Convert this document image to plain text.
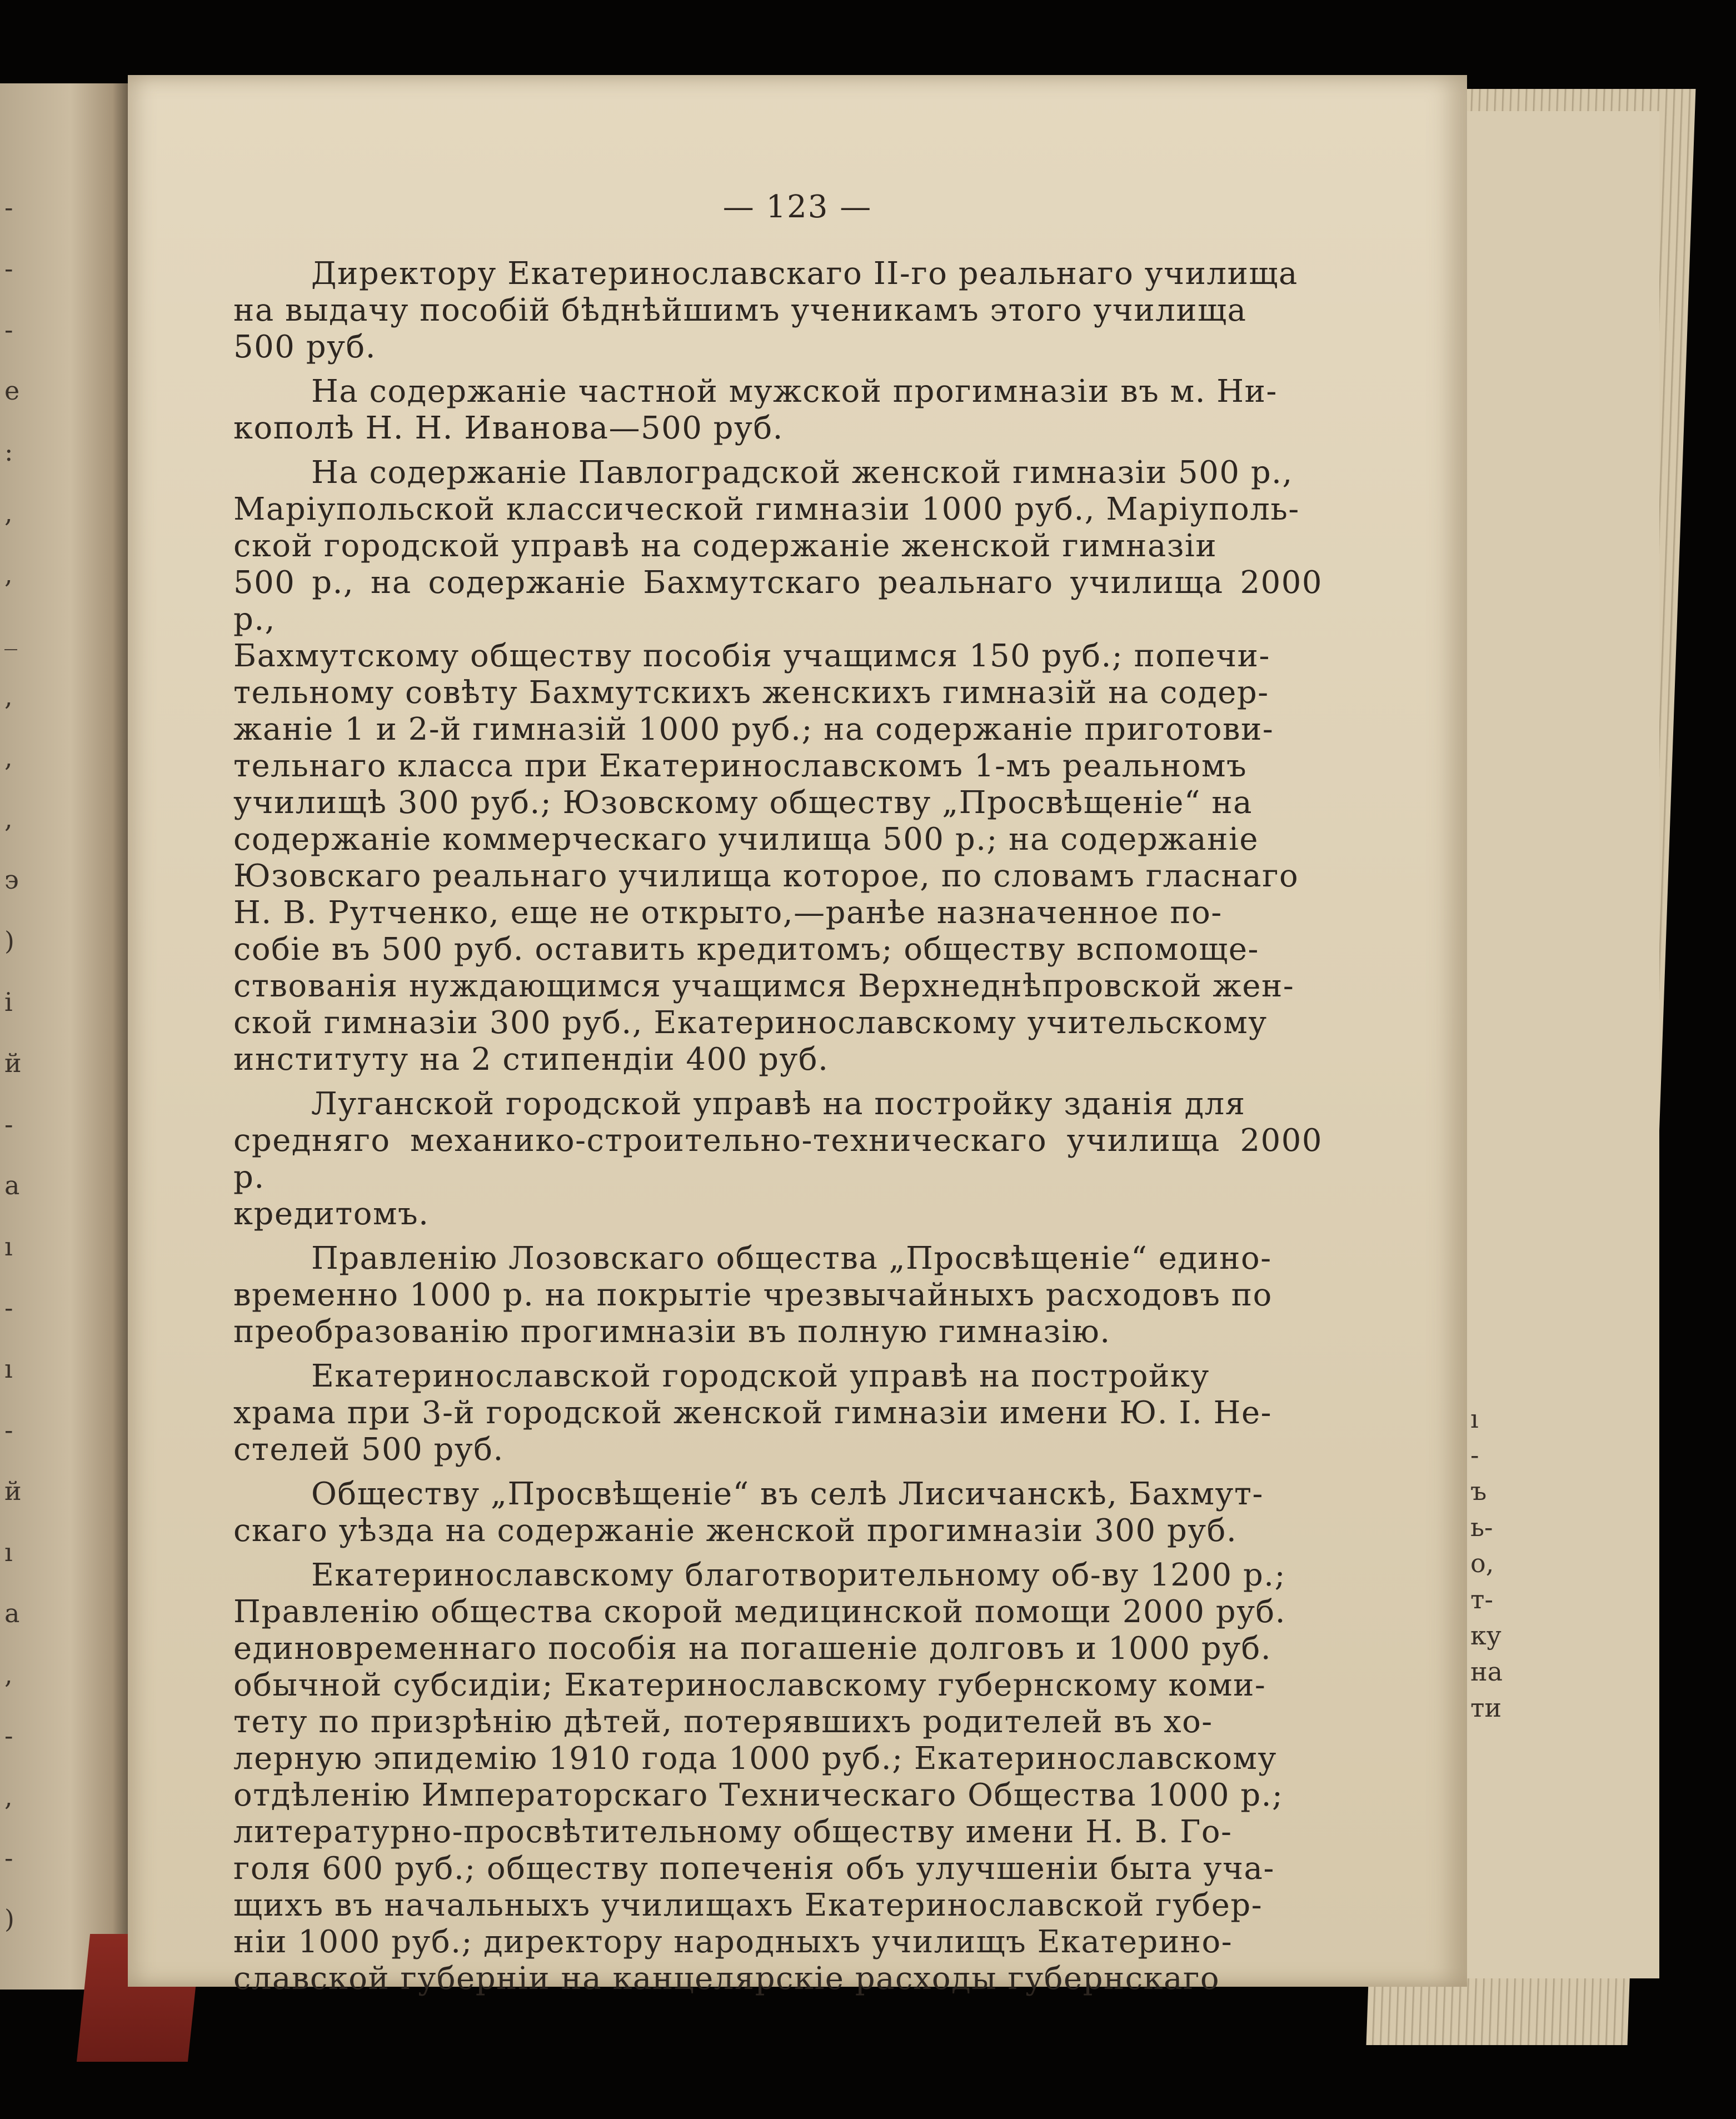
-
-
-
e
:
,
,
_
,
,
,
э
)
i
й
-
a
ı
-
ı
-
й
ı
a
,
-
,
-
)
ı
-
ъ
ь-
о,
т-
ку
на
ти
— 123 —

Директору Екатеринославскаго II-го реальнаго училища
на выдачу пособій бѣднѣйшимъ ученикамъ этого училища
500 руб.

На содержаніе частной мужской прогимназіи въ м. Ни-
кополѣ Н. Н. Иванова—500 руб.

На содержаніе Павлоградской женской гимназіи 500 р.,
Маріупольской классической гимназіи 1000 руб., Маріуполь-
ской городской управѣ на содержаніе женской гимназіи
500 р., на содержаніе Бахмутскаго реальнаго училища 2000 р.,
Бахмутскому обществу пособія учащимся 150 руб.; попечи-
тельному совѣту Бахмутскихъ женскихъ гимназій на содер-
жаніе 1 и 2-й гимназій 1000 руб.; на содержаніе приготови-
тельнаго класса при Екатеринославскомъ 1-мъ реальномъ
училищѣ 300 руб.; Юзовскому обществу „Просвѣщеніе“ на
содержаніе коммерческаго училища 500 р.; на содержаніе
Юзовскаго реальнаго училища которое, по словамъ гласнаго
Н. В. Рутченко, еще не открыто,—ранѣе назначенное по-
собіе въ 500 руб. оставить кредитомъ; обществу вспомоще-
ствованія нуждающимся учащимся Верхнеднѣпровской жен-
ской гимназіи 300 руб., Екатеринославскому учительскому
институту на 2 стипендіи 400 руб.

Луганской городской управѣ на постройку зданія для
средняго механико-строительно-техническаго училища 2000 р.
кредитомъ.

Правленію Лозовскаго общества „Просвѣщеніе“ едино-
временно 1000 р. на покрытіе чрезвычайныхъ расходовъ по
преобразованію прогимназіи въ полную гимназію.

Екатеринославской городской управѣ на постройку
храма при 3-й городской женской гимназіи имени Ю. I. Не-
стелей 500 руб.

Обществу „Просвѣщеніе“ въ селѣ Лисичанскѣ, Бахмут-
скаго уѣзда на содержаніе женской прогимназіи 300 руб.

Екатеринославскому благотворительному об-ву 1200 р.;
Правленію общества скорой медицинской помощи 2000 руб.
единовременнаго пособія на погашеніе долговъ и 1000 руб.
обычной субсидіи; Екатеринославскому губернскому коми-
тету по призрѣнію дѣтей, потерявшихъ родителей въ хо-
лерную эпидемію 1910 года 1000 руб.; Екатеринославскому
отдѣленію Императорскаго Техническаго Общества 1000 р.;
литературно-просвѣтительному обществу имени Н. В. Го-
голя 600 руб.; обществу попеченія объ улучшеніи быта уча-
щихъ въ начальныхъ училищахъ Екатеринославской губер-
ніи 1000 руб.; директору народныхъ училищъ Екатерино-
славской губерніи на канцелярскіе расходы губернскаго
